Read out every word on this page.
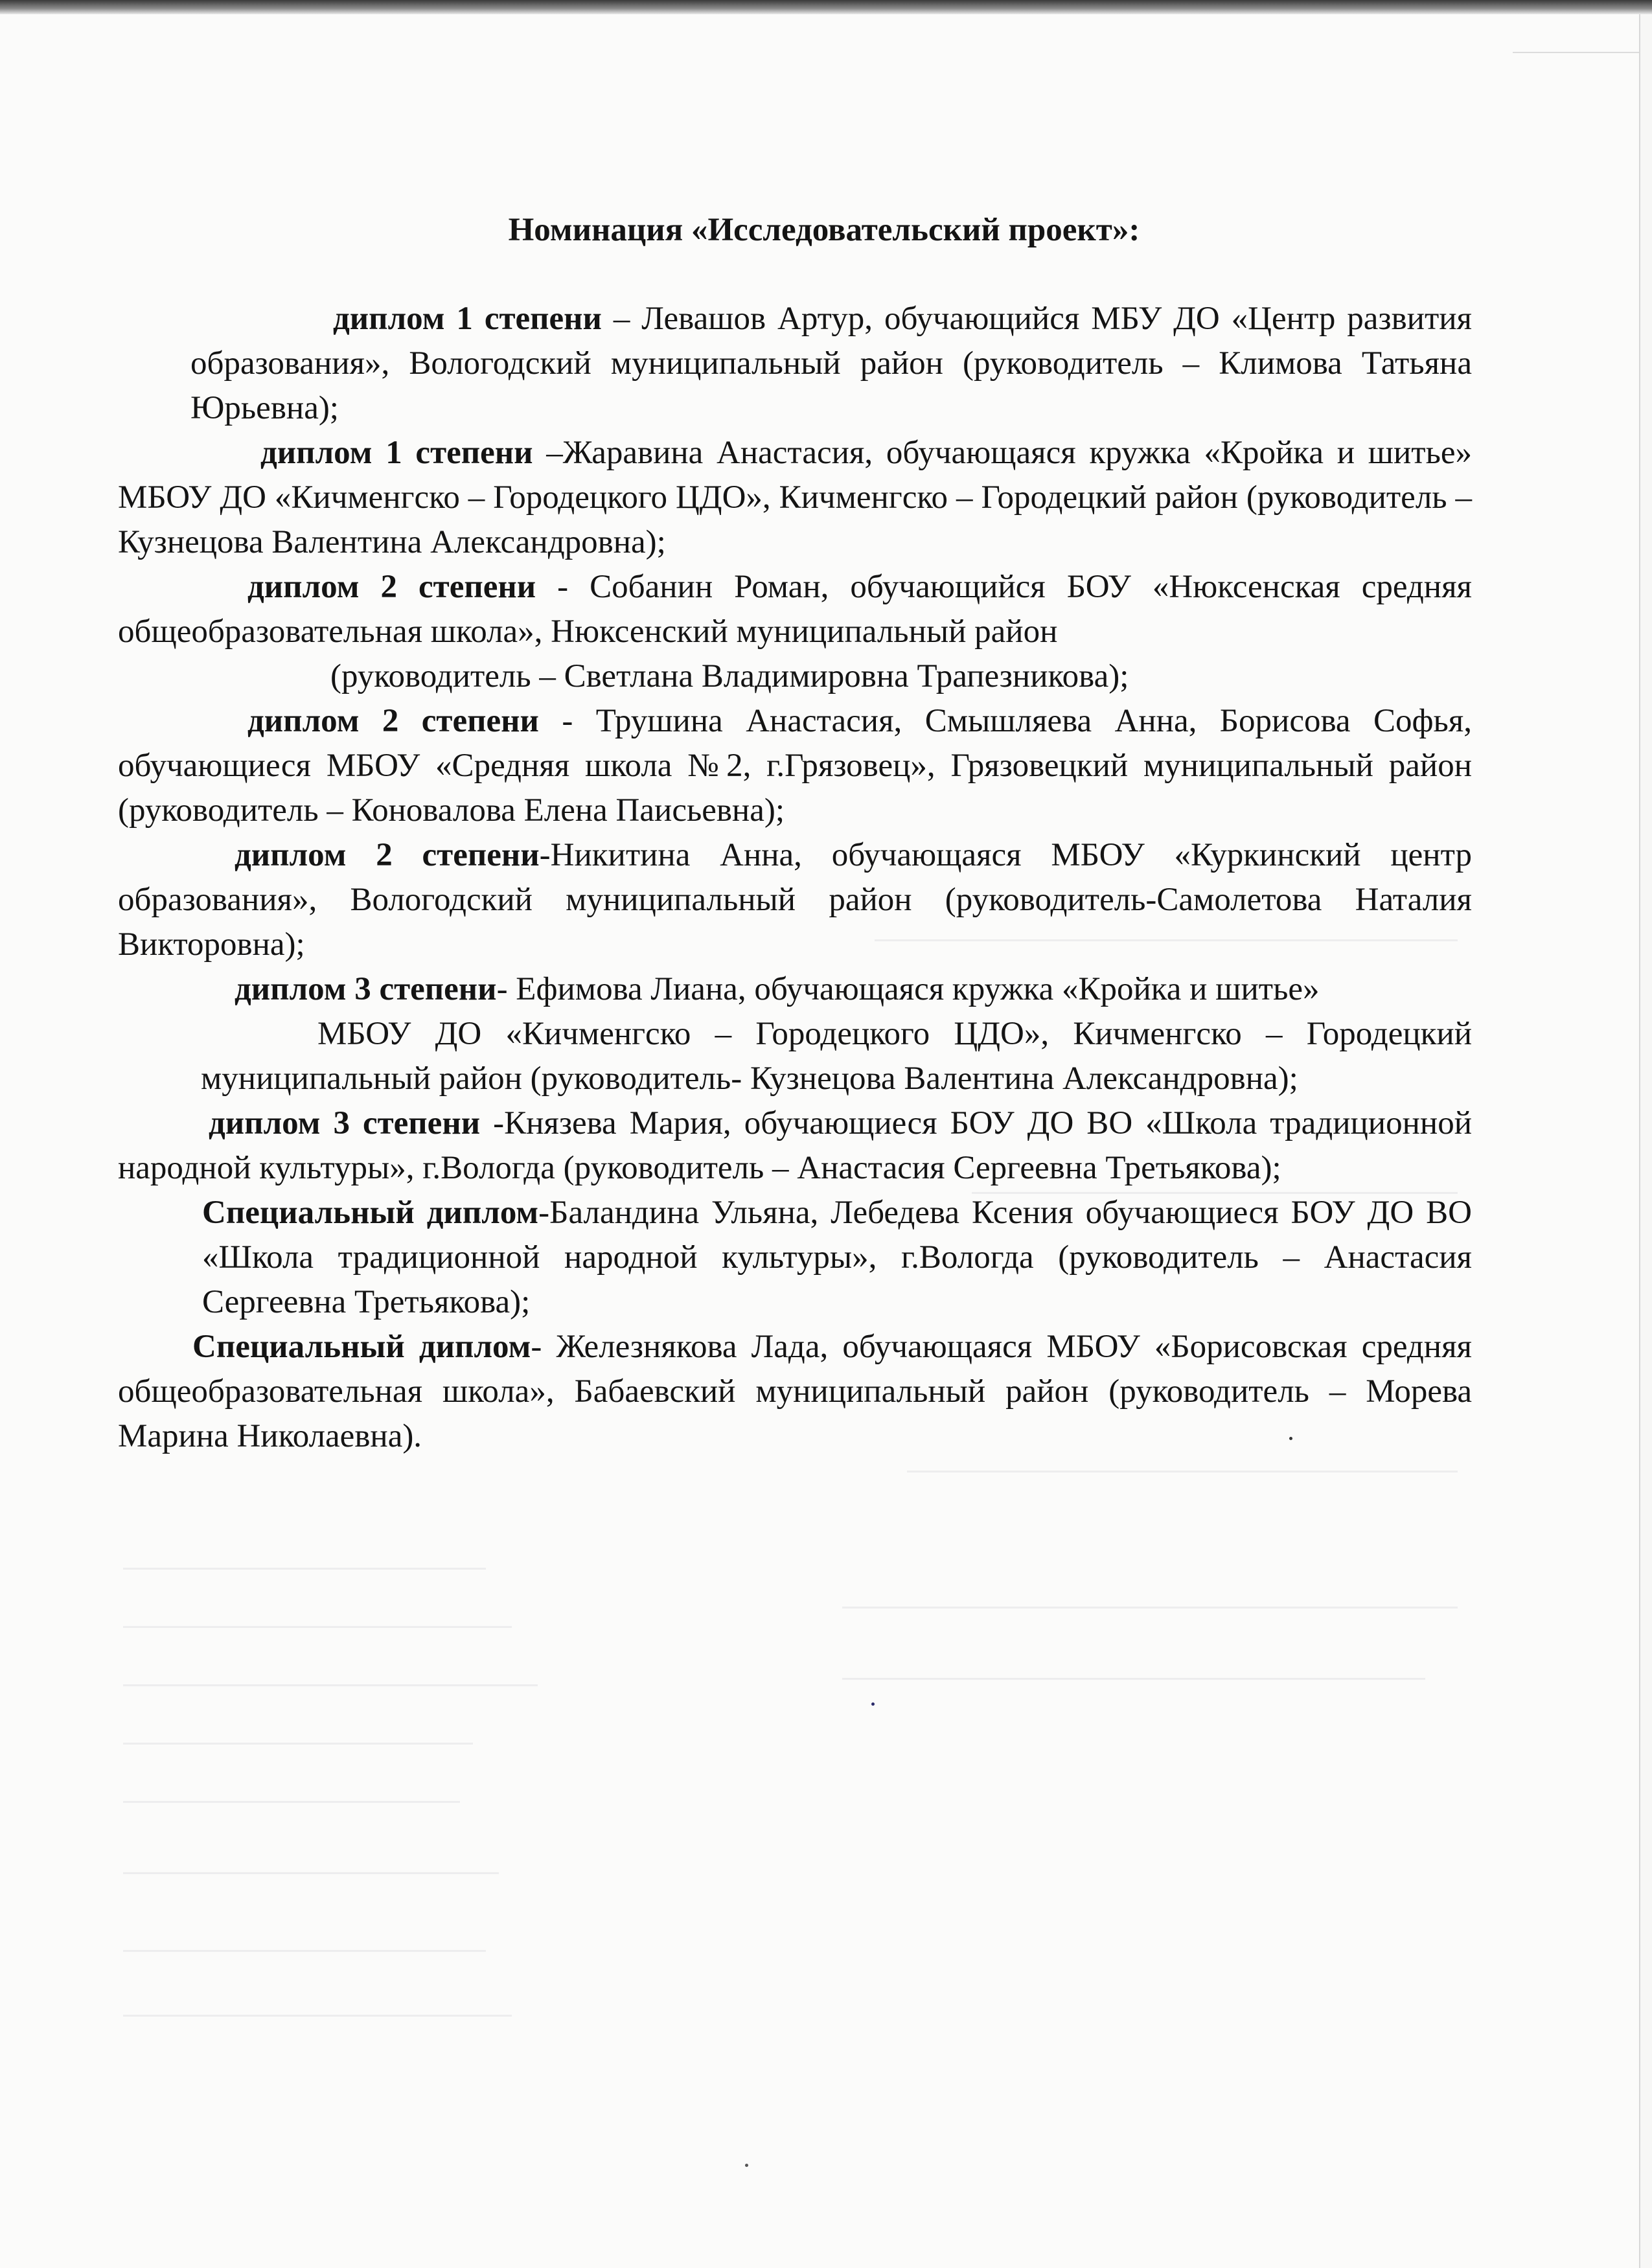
Номинация «Исследовательский проект»:

диплом 1 степени – Левашов Артур, обучающийся МБУ ДО «Центр развития образования», Вологодский муниципальный район (руководитель – Климова Татьяна Юрьевна);

диплом 1 степени –Жаравина Анастасия, обучающаяся кружка «Кройка и шитье» МБОУ ДО «Кичменгско – Городецкого ЦДО», Кичменгско – Городецкий район (руководитель – Кузнецова Валентина Александровна);

диплом 2 степени - Собанин Роман, обучающийся БОУ «Нюксенская средняя общеобразовательная школа», Нюксенский муниципальный район
(руководитель – Светлана Владимировна Трапезникова);

диплом 2 степени - Трушина Анастасия, Смышляева Анна, Борисова Софья, обучающиеся МБОУ «Средняя школа №2, г.Грязовец», Грязовецкий муниципальный район (руководитель – Коновалова Елена Паисьевна);

диплом 2 степени-Никитина Анна, обучающаяся МБОУ «Куркинский центр образования», Вологодский муниципальный район (руководитель-Самолетова Наталия Викторовна);

диплом 3 степени- Ефимова Лиана, обучающаяся кружка «Кройка и шитье»
МБОУ ДО «Кичменгско – Городецкого ЦДО», Кичменгско – Городецкий муниципальный район (руководитель- Кузнецова Валентина Александровна);

диплом 3 степени -Князева Мария, обучающиеся БОУ ДО ВО «Школа традиционной народной культуры», г.Вологда (руководитель – Анастасия Сергеевна Третьякова);

Специальный диплом-Баландина Ульяна, Лебедева Ксения обучающиеся БОУ ДО ВО «Школа традиционной народной культуры», г.Вологда (руководитель – Анастасия Сергеевна Третьякова);

Специальный диплом- Железнякова Лада, обучающаяся МБОУ «Борисовская средняя общеобразовательная школа», Бабаевский муниципальный район (руководитель – Морева Марина Николаевна).
